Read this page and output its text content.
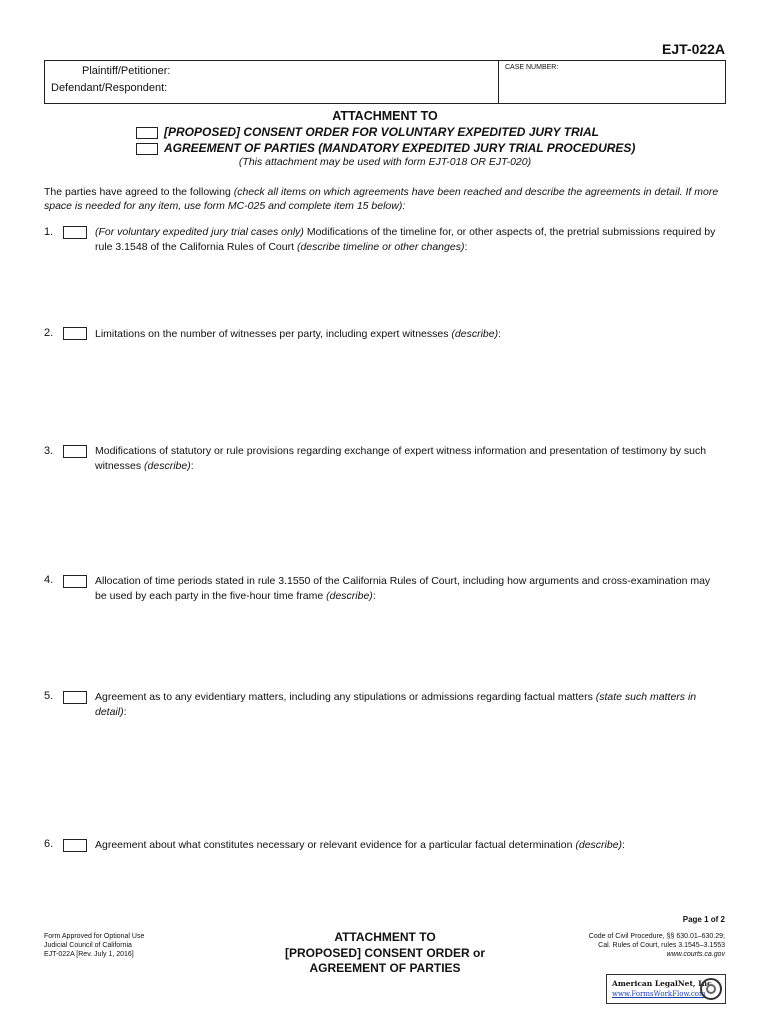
EJT-022A
Plaintiff/Petitioner:
Defendant/Respondent:
CASE NUMBER:
ATTACHMENT TO
[PROPOSED] CONSENT ORDER FOR VOLUNTARY EXPEDITED JURY TRIAL
AGREEMENT OF PARTIES (MANDATORY EXPEDITED JURY TRIAL PROCEDURES)
(This attachment may be used with form EJT-018 OR EJT-020)
The parties have agreed to the following (check all items on which agreements have been reached and describe the agreements in detail. If more space is needed for any item, use form MC-025 and complete item 15 below):
1.	(For voluntary expedited jury trial cases only) Modifications of the timeline for, or other aspects of, the pretrial submissions required by rule 3.1548 of the California Rules of Court (describe timeline or other changes):
2.	Limitations on the number of witnesses per party, including expert witnesses (describe):
3.	Modifications of statutory or rule provisions regarding exchange of expert witness information and presentation of testimony by such witnesses (describe):
4.	Allocation of time periods stated in rule 3.1550 of the California Rules of Court, including how arguments and cross-examination may be used by each party in the five-hour time frame (describe):
5.	Agreement as to any evidentiary matters, including any stipulations or admissions regarding factual matters (state such matters in detail):
6.	Agreement about what constitutes necessary or relevant evidence for a particular factual determination (describe):
Page 1 of 2
Form Approved for Optional Use
Judicial Council of California
EJT-022A [Rev. July 1, 2016]
ATTACHMENT TO
[PROPOSED] CONSENT ORDER or
AGREEMENT OF PARTIES
Code of Civil Procedure, §§ 630.01–630.29;
Cal. Rules of Court, rules 3.1545–3.1553
www.courts.ca.gov
American LegalNet, Inc.
www.FormsWorkFlow.com
